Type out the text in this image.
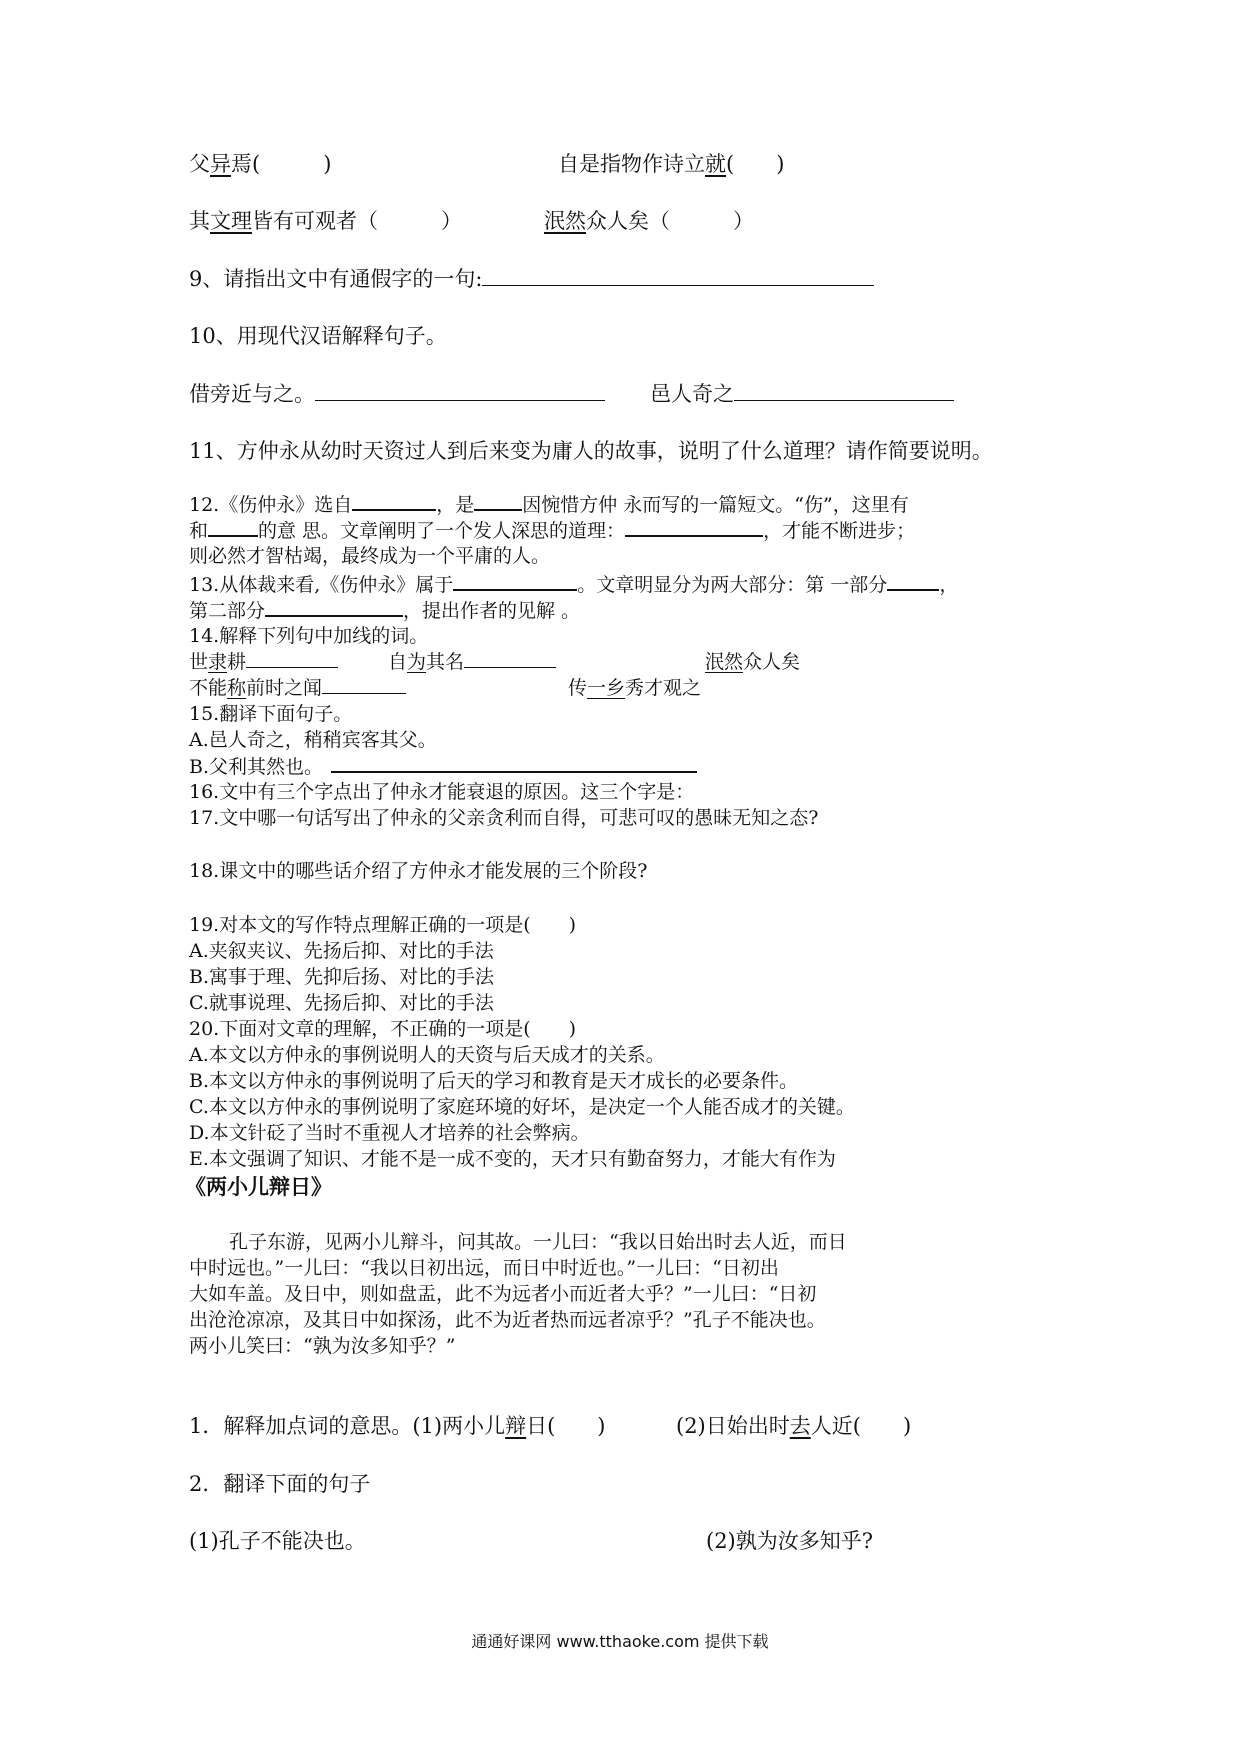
父异焉(　　　)	自是指物作诗立就(　　)
其文理皆有可观者（　　　）	泯然众人矣（　　　）
9、请指出文中有通假字的一句:
10、用现代汉语解释句子。
借旁近与之。	邑人奇之
11、方仲永从幼时天资过人到后来变为庸人的故事，说明了什么道理？请作简要说明。
12.《伤仲永》选自	，是	因惋惜方仲 永而写的一篇短文。“伤”，这里有
和	的意 思。文章阐明了一个发人深思的道理：	，才能不断进步；
则必然才智枯竭，最终成为一个平庸的人。
13.从体裁来看,《伤仲永》属于	。文章明显分为两大部分：第 一部分	，
第二部分	，提出作者的见解 。
14.解释下列句中加线的词。
世隶耕	自为其名	泯然众人矣
不能称前时之闻	传一乡秀才观之
15.翻译下面句子。
A.邑人奇之，稍稍宾客其父。
B.父利其然也。
16.文中有三个字点出了仲永才能衰退的原因。这三个字是：
17.文中哪一句话写出了仲永的父亲贪利而自得，可悲可叹的愚昧无知之态?
18.课文中的哪些话介绍了方仲永才能发展的三个阶段?
19.对本文的写作特点理解正确的一项是(　　)
A.夹叙夹议、先扬后抑、对比的手法
B.寓事于理、先抑后扬、对比的手法
C.就事说理、先扬后抑、对比的手法
20.下面对文章的理解，不正确的一项是(　　)
A.本文以方仲永的事例说明人的天资与后天成才的关系。
B.本文以方仲永的事例说明了后天的学习和教育是天才成长的必要条件。
C.本文以方仲永的事例说明了家庭环境的好坏，是决定一个人能否成才的关键。
D.本文针砭了当时不重视人才培养的社会弊病。
E.本文强调了知识、才能不是一成不变的，天才只有勤奋努力，才能大有作为
《两小儿辩日》
孔子东游，见两小儿辩斗，问其故。一儿曰：“我以日始出时去人近，而日
中时远也。”一儿曰：“我以日初出远，而日中时近也。”一儿曰：“日初出
大如车盖。及日中，则如盘盂，此不为远者小而近者大乎？”一儿曰：“日初
出沧沧凉凉，及其日中如探汤，此不为近者热而远者凉乎？”孔子不能决也。
两小儿笑曰：“孰为汝多知乎？”
1．解释加点词的意思。(1)两小儿辩日(　　)	(2)日始出时去人近(　　)
2．翻译下面的句子
(1)孔子不能决也。	(2)孰为汝多知乎?
通通好课网 www.tthaoke.com 提供下载
